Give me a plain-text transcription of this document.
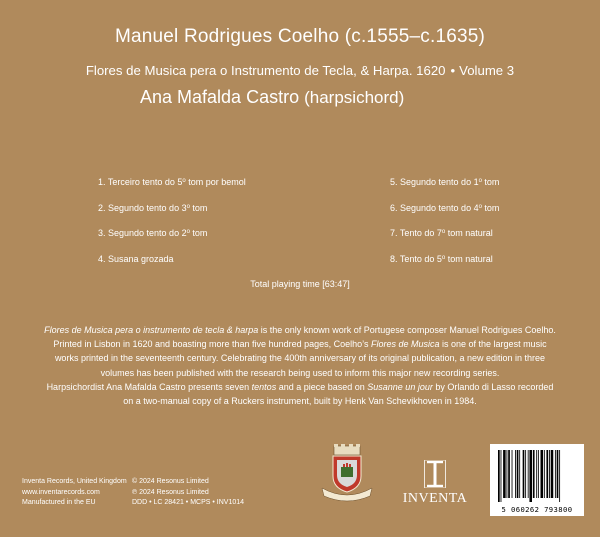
Manuel Rodrigues Coelho (c.1555–c.1635)
Flores de Musica pera o Instrumento de Tecla, & Harpa. 1620 • Volume 3
Ana Mafalda Castro (harpsichord)
1. Terceiro tento do 5$^o$ tom por bemol
2. Segundo tento do 3$^o$ tom
3. Segundo tento do 2$^o$ tom
4. Susana grozada
5. Segundo tento do 1$^o$ tom
6. Segundo tento do 4$^o$ tom
7. Tento do 7$^o$ tom natural
8. Tento do 5$^o$ tom natural
Total playing time [63:47]
Flores de Musica pera o instrumento de tecla & harpa is the only known work of Portugese composer Manuel Rodrigues Coelho.
Printed in Lisbon in 1620 and boasting more than five hundred pages, Coelho’s Flores de Musica is one of the largest music
works printed in the seventeenth century. Celebrating the 400th anniversary of its original publication, a new edition in three
volumes has been published with the research being used to inform this major new recording series.
Harpsichordist Ana Mafalda Castro presents seven tentos and a piece based on Susanne un jour by Orlando di Lasso recorded
on a two-manual copy of a Ruckers instrument, built by Henk Van Schevikhoven in 1984.
Inventa Records, United Kingdom
www.inventarecords.com
Manufactured in the EU
© 2024 Resonus Limited
℗ 2024 Resonus Limited
DDD • LC 28421 • MCPS • INV1014	INVENTA
5 060262 793800
